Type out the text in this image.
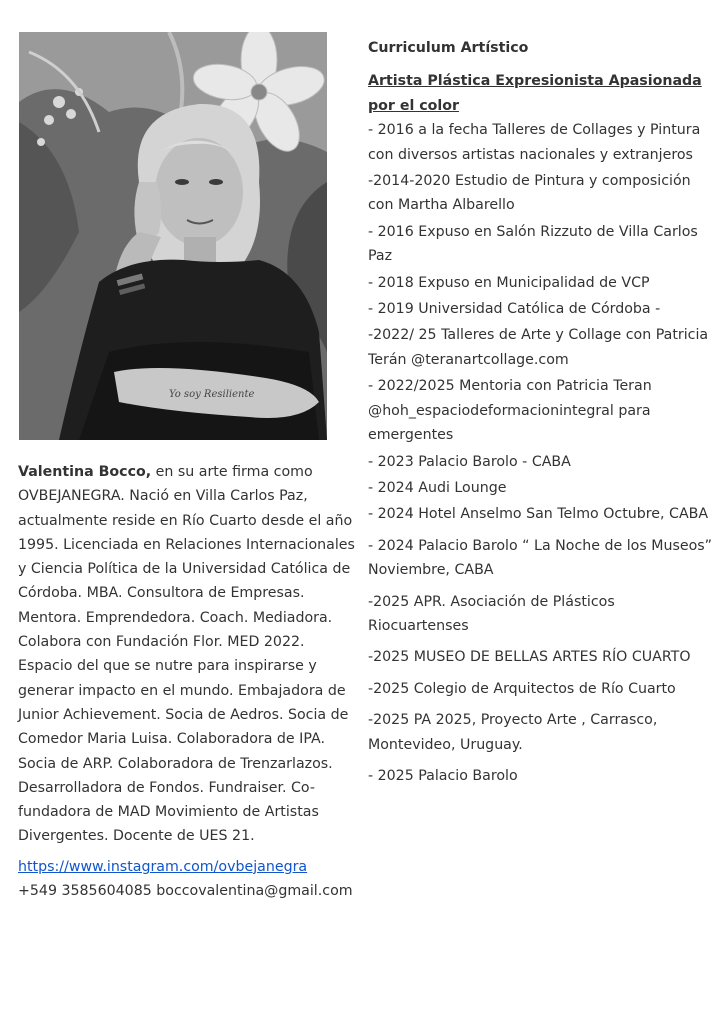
Yo soy Resiliente

Valentina Bocco, en su arte firma como OVBEJANEGRA. Nació en Villa Carlos Paz, actualmente reside en Río Cuarto desde el año 1995. Licenciada en Relaciones Internacionales y Ciencia Política de la Universidad Católica de Córdoba. MBA. Consultora de Empresas. Mentora. Emprendedora. Coach. Mediadora. Colabora con Fundación Flor. MED 2022. Espacio del que se nutre para inspirarse y generar impacto en el mundo. Embajadora de Junior Achievement. Socia de Aedros. Socia de Comedor Maria Luisa. Colaboradora de IPA. Socia de ARP. Colaboradora de Trenzarlazos. Desarrolladora de Fondos. Fundraiser. Co- fundadora de MAD Movimiento de Artistas Divergentes. Docente de UES 21.

https://www.instagram.com/ovbejanegra

+549 3585604085 boccovalentina@gmail.com

Curriculum Artístico

Artista Plástica Expresionista Apasionada por el color

- 2016 a la fecha Talleres de Collages y Pintura con diversos artistas nacionales y extranjeros

-2014-2020 Estudio de Pintura y composición con Martha Albarello

- 2016 Expuso en Salón Rizzuto de Villa Carlos Paz

- 2018 Expuso en Municipalidad de VCP

- 2019 Universidad Católica de Córdoba -

-2022/ 25 Talleres de Arte y Collage con Patricia Terán @teranartcollage.com

- 2022/2025 Mentoria con Patricia Teran @hoh_espaciodeformacionintegral para emergentes

- 2023 Palacio Barolo - CABA

- 2024 Audi Lounge

- 2024 Hotel Anselmo San Telmo Octubre, CABA

- 2024 Palacio Barolo “ La Noche de los Museos” Noviembre, CABA

-2025 APR. Asociación de Plásticos Riocuartenses

-2025 MUSEO DE BELLAS ARTES RÍO CUARTO

-2025 Colegio de Arquitectos de Río Cuarto

-2025 PA 2025, Proyecto Arte , Carrasco, Montevideo, Uruguay.

- 2025 Palacio Barolo
